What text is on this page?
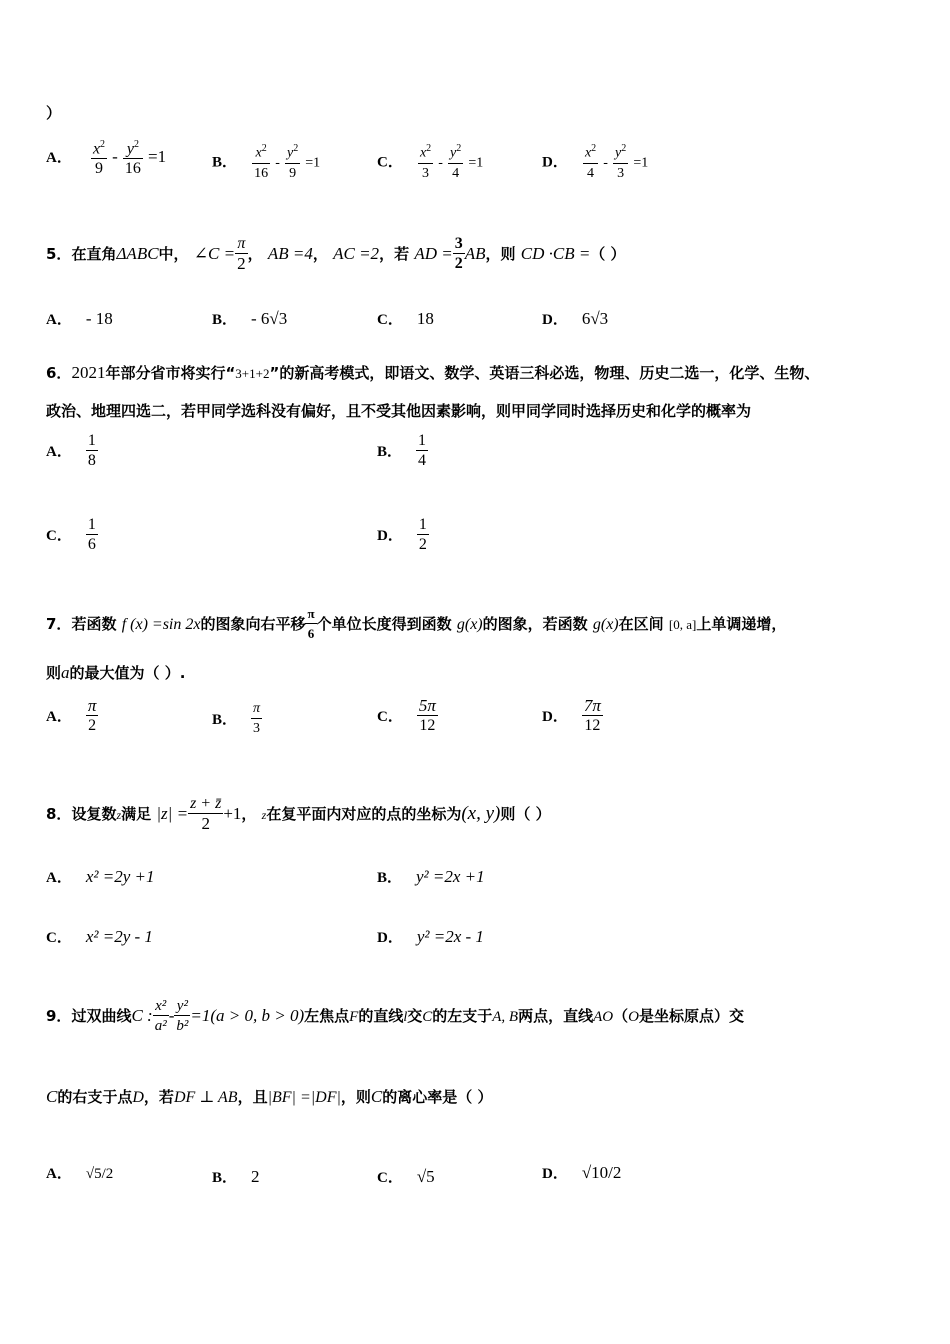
）
A． $\frac{x^2}{9} - \frac{y^2}{16} =1$	B． $\frac{x^2}{16} - \frac{y^2}{9} =1$	C． $\frac{x^2}{3} - \frac{y^2}{4} =1$	D． $\frac{x^2}{4} - \frac{y^2}{3} =1$
5．在直角ΔABC中， ∠C = $\frac{\pi}{2}$ ， AB =4， AC =2，若 AD = $\frac{3}{2}$ AB，则 CD ·CB =（ ）
A． - 18	B． - 6√3	C． 18	D． 6√3
6．2021年部分省市将实行“3+1+2”的新高考模式，即语文、数学、英语三科必选，物理、历史二选一，化学、生物、
政治、地理四选二，若甲同学选科没有偏好，且不受其他因素影响，则甲同学同时选择历史和化学的概率为
A． $\frac{1}{8}$	B． $\frac{1}{4}$
C． $\frac{1}{6}$	D． $\frac{1}{2}$
7．若函数 f (x) =sin 2x的图象向右平移 $\frac{\pi}{6}$ 个单位长度得到函数 g(x)的图象，若函数 g(x)在区间 [0, a]上单调递增，
则a的最大值为（ ）.
A． $\frac{\pi}{2}$	B． $\frac{\pi}{3}$	C． $\frac{5\pi}{12}$	D． $\frac{7\pi}{12}$
8．设复数z满足 $|z| = \frac{z + z̄}{2} +1$， z在复平面内对应的点的坐标为(x, y)则（ ）
A． x² =2y +1	B． y² =2x +1
C． x² =2y - 1	D． y² =2x - 1
9．过双曲线C : $\frac{\text{x²}}{\text{a²}} - \frac{\text{y²}}{\text{b²}} =1(a > 0$, b > 0)左焦点F的直线l交C的左支于A, B两点，直线AO（O是坐标原点）交
C的右支于点D，若DF ⊥ AB，且|BF| =|DF|，则C的离心率是（ ）
A． √5/2	B． 2	C． √5	D． √10/2
